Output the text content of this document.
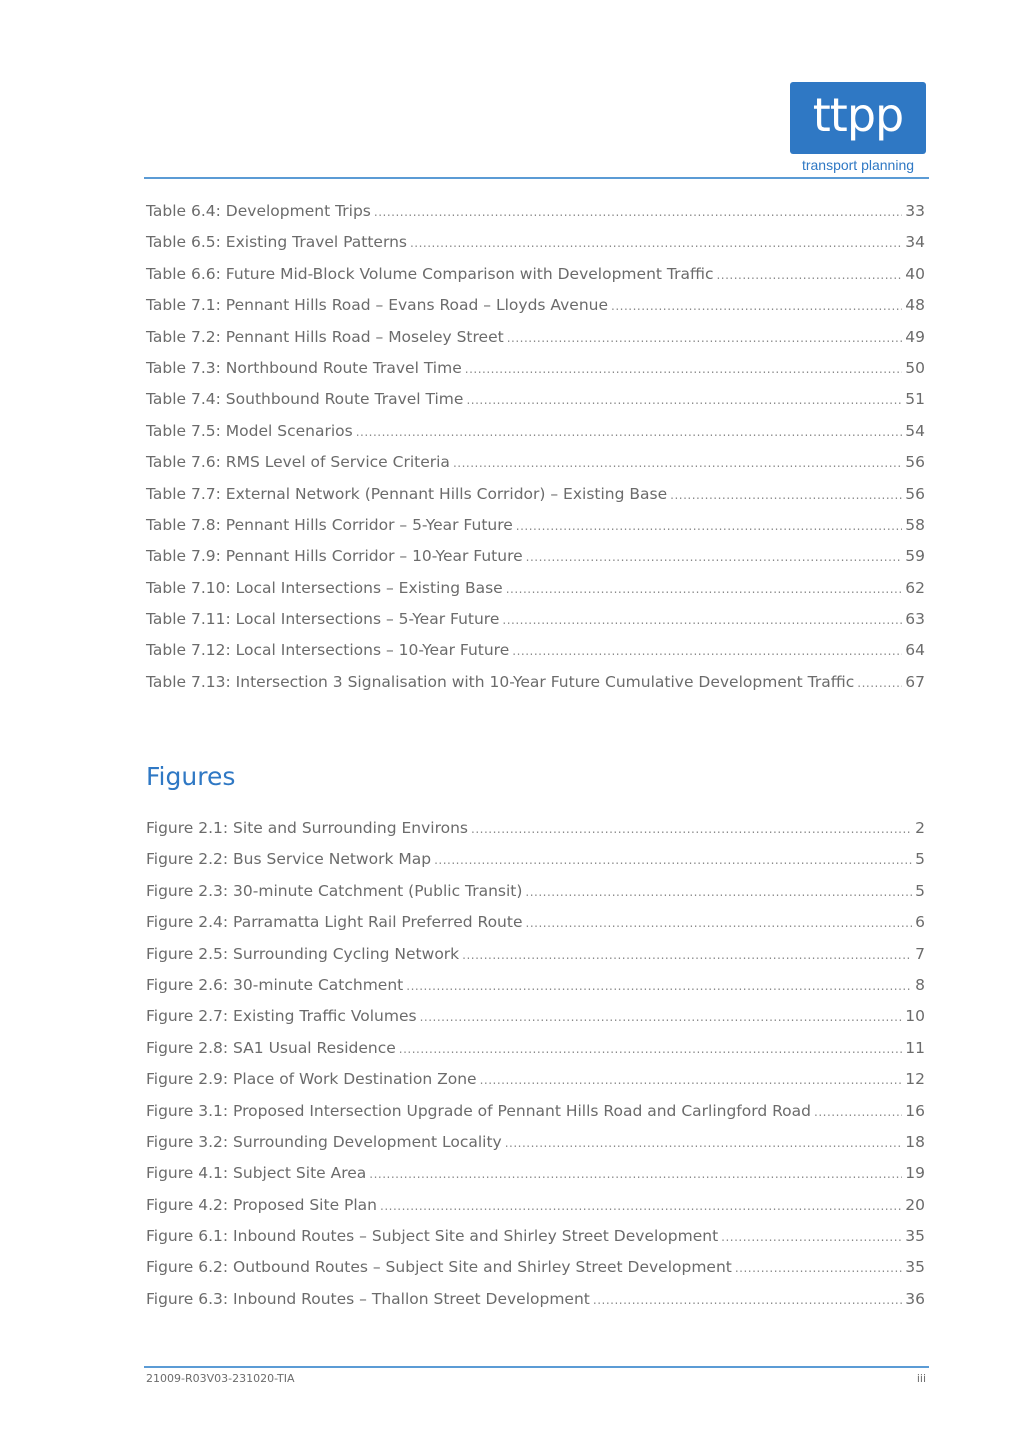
ttpp
transport planning
Table 6.4: Development Trips .....	33
Table 6.5: Existing Travel Patterns .....	34
Table 6.6: Future Mid-Block Volume Comparison with Development Traffic .....	40
Table 7.1: Pennant Hills Road – Evans Road – Lloyds Avenue .....	48
Table 7.2: Pennant Hills Road – Moseley Street .....	49
Table 7.3: Northbound Route Travel Time .....	50
Table 7.4: Southbound Route Travel Time .....	51
Table 7.5: Model Scenarios .....	54
Table 7.6: RMS Level of Service Criteria .....	56
Table 7.7: External Network (Pennant Hills Corridor) – Existing Base .....	56
Table 7.8: Pennant Hills Corridor – 5-Year Future .....	58
Table 7.9: Pennant Hills Corridor – 10-Year Future .....	59
Table 7.10: Local Intersections – Existing Base .....	62
Table 7.11: Local Intersections – 5-Year Future .....	63
Table 7.12: Local Intersections – 10-Year Future .....	64
Table 7.13: Intersection 3 Signalisation with 10-Year Future Cumulative Development Traffic .....	67
Figures
Figure 2.1: Site and Surrounding Environs .....	2
Figure 2.2: Bus Service Network Map .....	5
Figure 2.3: 30-minute Catchment (Public Transit) .....	5
Figure 2.4: Parramatta Light Rail Preferred Route .....	6
Figure 2.5: Surrounding Cycling Network .....	7
Figure 2.6: 30-minute Catchment .....	8
Figure 2.7: Existing Traffic Volumes .....	10
Figure 2.8: SA1 Usual Residence .....	11
Figure 2.9: Place of Work Destination Zone .....	12
Figure 3.1: Proposed Intersection Upgrade of Pennant Hills Road and Carlingford Road .....	16
Figure 3.2: Surrounding Development Locality .....	18
Figure 4.1: Subject Site Area .....	19
Figure 4.2: Proposed Site Plan .....	20
Figure 6.1: Inbound Routes – Subject Site and Shirley Street Development .....	35
Figure 6.2: Outbound Routes – Subject Site and Shirley Street Development .....	35
Figure 6.3: Inbound Routes – Thallon Street Development .....	36
21009-R03V03-231020-TIA	iii
